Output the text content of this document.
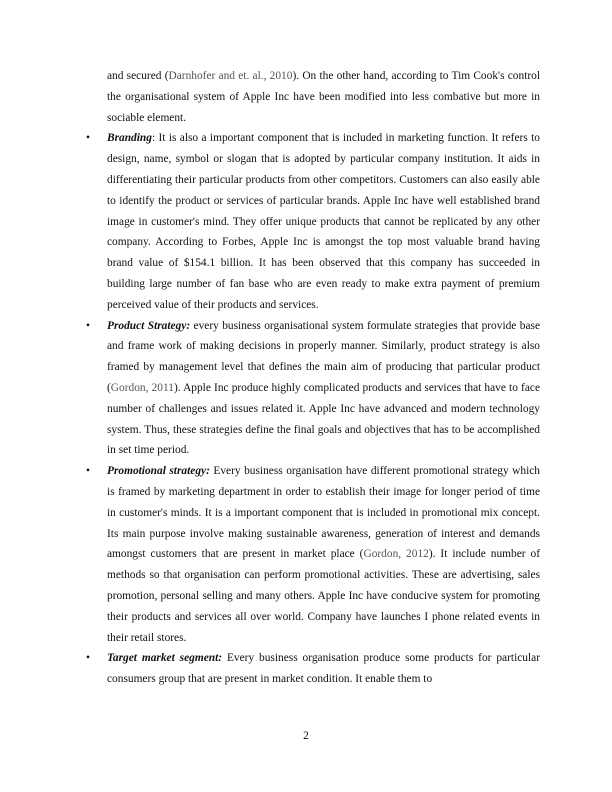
and secured (Darnhofer and et. al., 2010). On the other hand, according to Tim Cook's control the organisational system of Apple Inc have been modified into less combative but more in sociable element.

• Branding: It is also a important component that is included in marketing function. It refers to design, name, symbol or slogan that is adopted by particular company institution. It aids in differentiating their particular products from other competitors. Customers can also easily able to identify the product or services of particular brands. Apple Inc have well established brand image in customer's mind. They offer unique products that cannot be replicated by any other company. According to Forbes, Apple Inc is amongst the top most valuable brand having brand value of $154.1 billion. It has been observed that this company has succeeded in building large number of fan base who are even ready to make extra payment of premium perceived value of their products and services.

• Product Strategy: every business organisational system formulate strategies that provide base and frame work of making decisions in properly manner. Similarly, product strategy is also framed by management level that defines the main aim of producing that particular product (Gordon, 2011). Apple Inc produce highly complicated products and services that have to face number of challenges and issues related it. Apple Inc have advanced and modern technology system. Thus, these strategies define the final goals and objectives that has to be accomplished in set time period.

• Promotional strategy: Every business organisation have different promotional strategy which is framed by marketing department in order to establish their image for longer period of time in customer's minds. It is a important component that is included in promotional mix concept. Its main purpose involve making sustainable awareness, generation of interest and demands amongst customers that are present in market place (Gordon, 2012). It include number of methods so that organisation can perform promotional activities. These are advertising, sales promotion, personal selling and many others. Apple Inc have conducive system for promoting their products and services all over world. Company have launches I phone related events in their retail stores.

• Target market segment: Every business organisation produce some products for particular consumers group that are present in market condition. It enable them to

2
